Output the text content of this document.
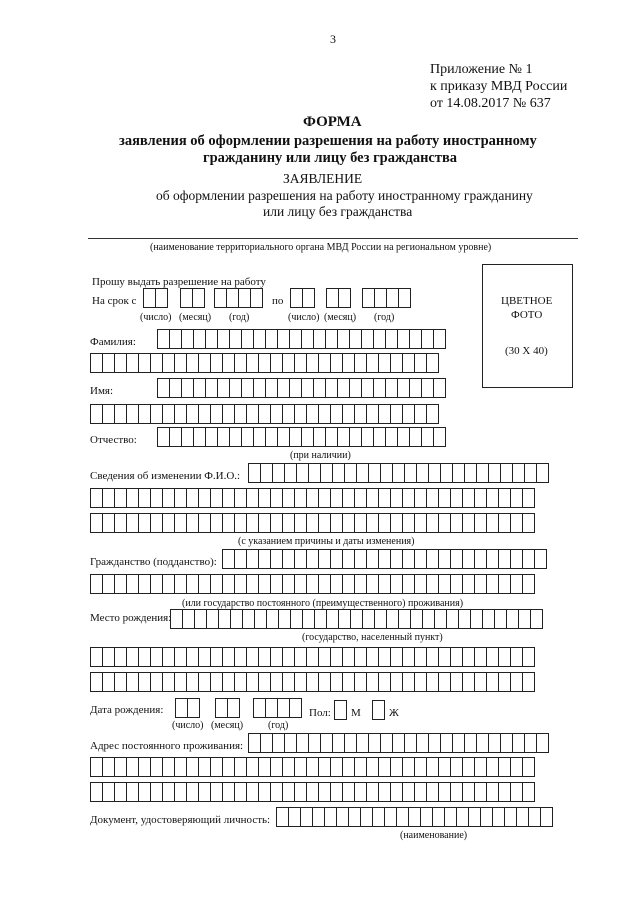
3
Приложение № 1
к приказу МВД России
от 14.08.2017 № 637
ФОРМА
заявления об оформлении разрешения на работу иностранному
гражданину или лицу без гражданства
ЗАЯВЛЕНИЕ
об оформлении разрешения на работу иностранному гражданину
или лицу без гражданства
(наименование территориального органа МВД России на региональном уровне)
ЦВЕТНОЕ
ФОТО
(30 Х 40)
Прошу выдать разрешение на работу
На срок с	по
(число) (месяц) (год)	(число) (месяц) (год)
Фамилия:
Имя:
Отчество:
(при наличии)
Сведения об изменении Ф.И.О.:
(с указанием причины и даты изменения)
Гражданство (подданство):
(или государство постоянного (преимущественного) проживания)
Место рождения:
(государство, населенный пункт)
Дата рождения:
(число) (месяц) (год)
Пол: М	Ж
Адрес постоянного проживания:
Документ, удостоверяющий личность:
(наименование)
